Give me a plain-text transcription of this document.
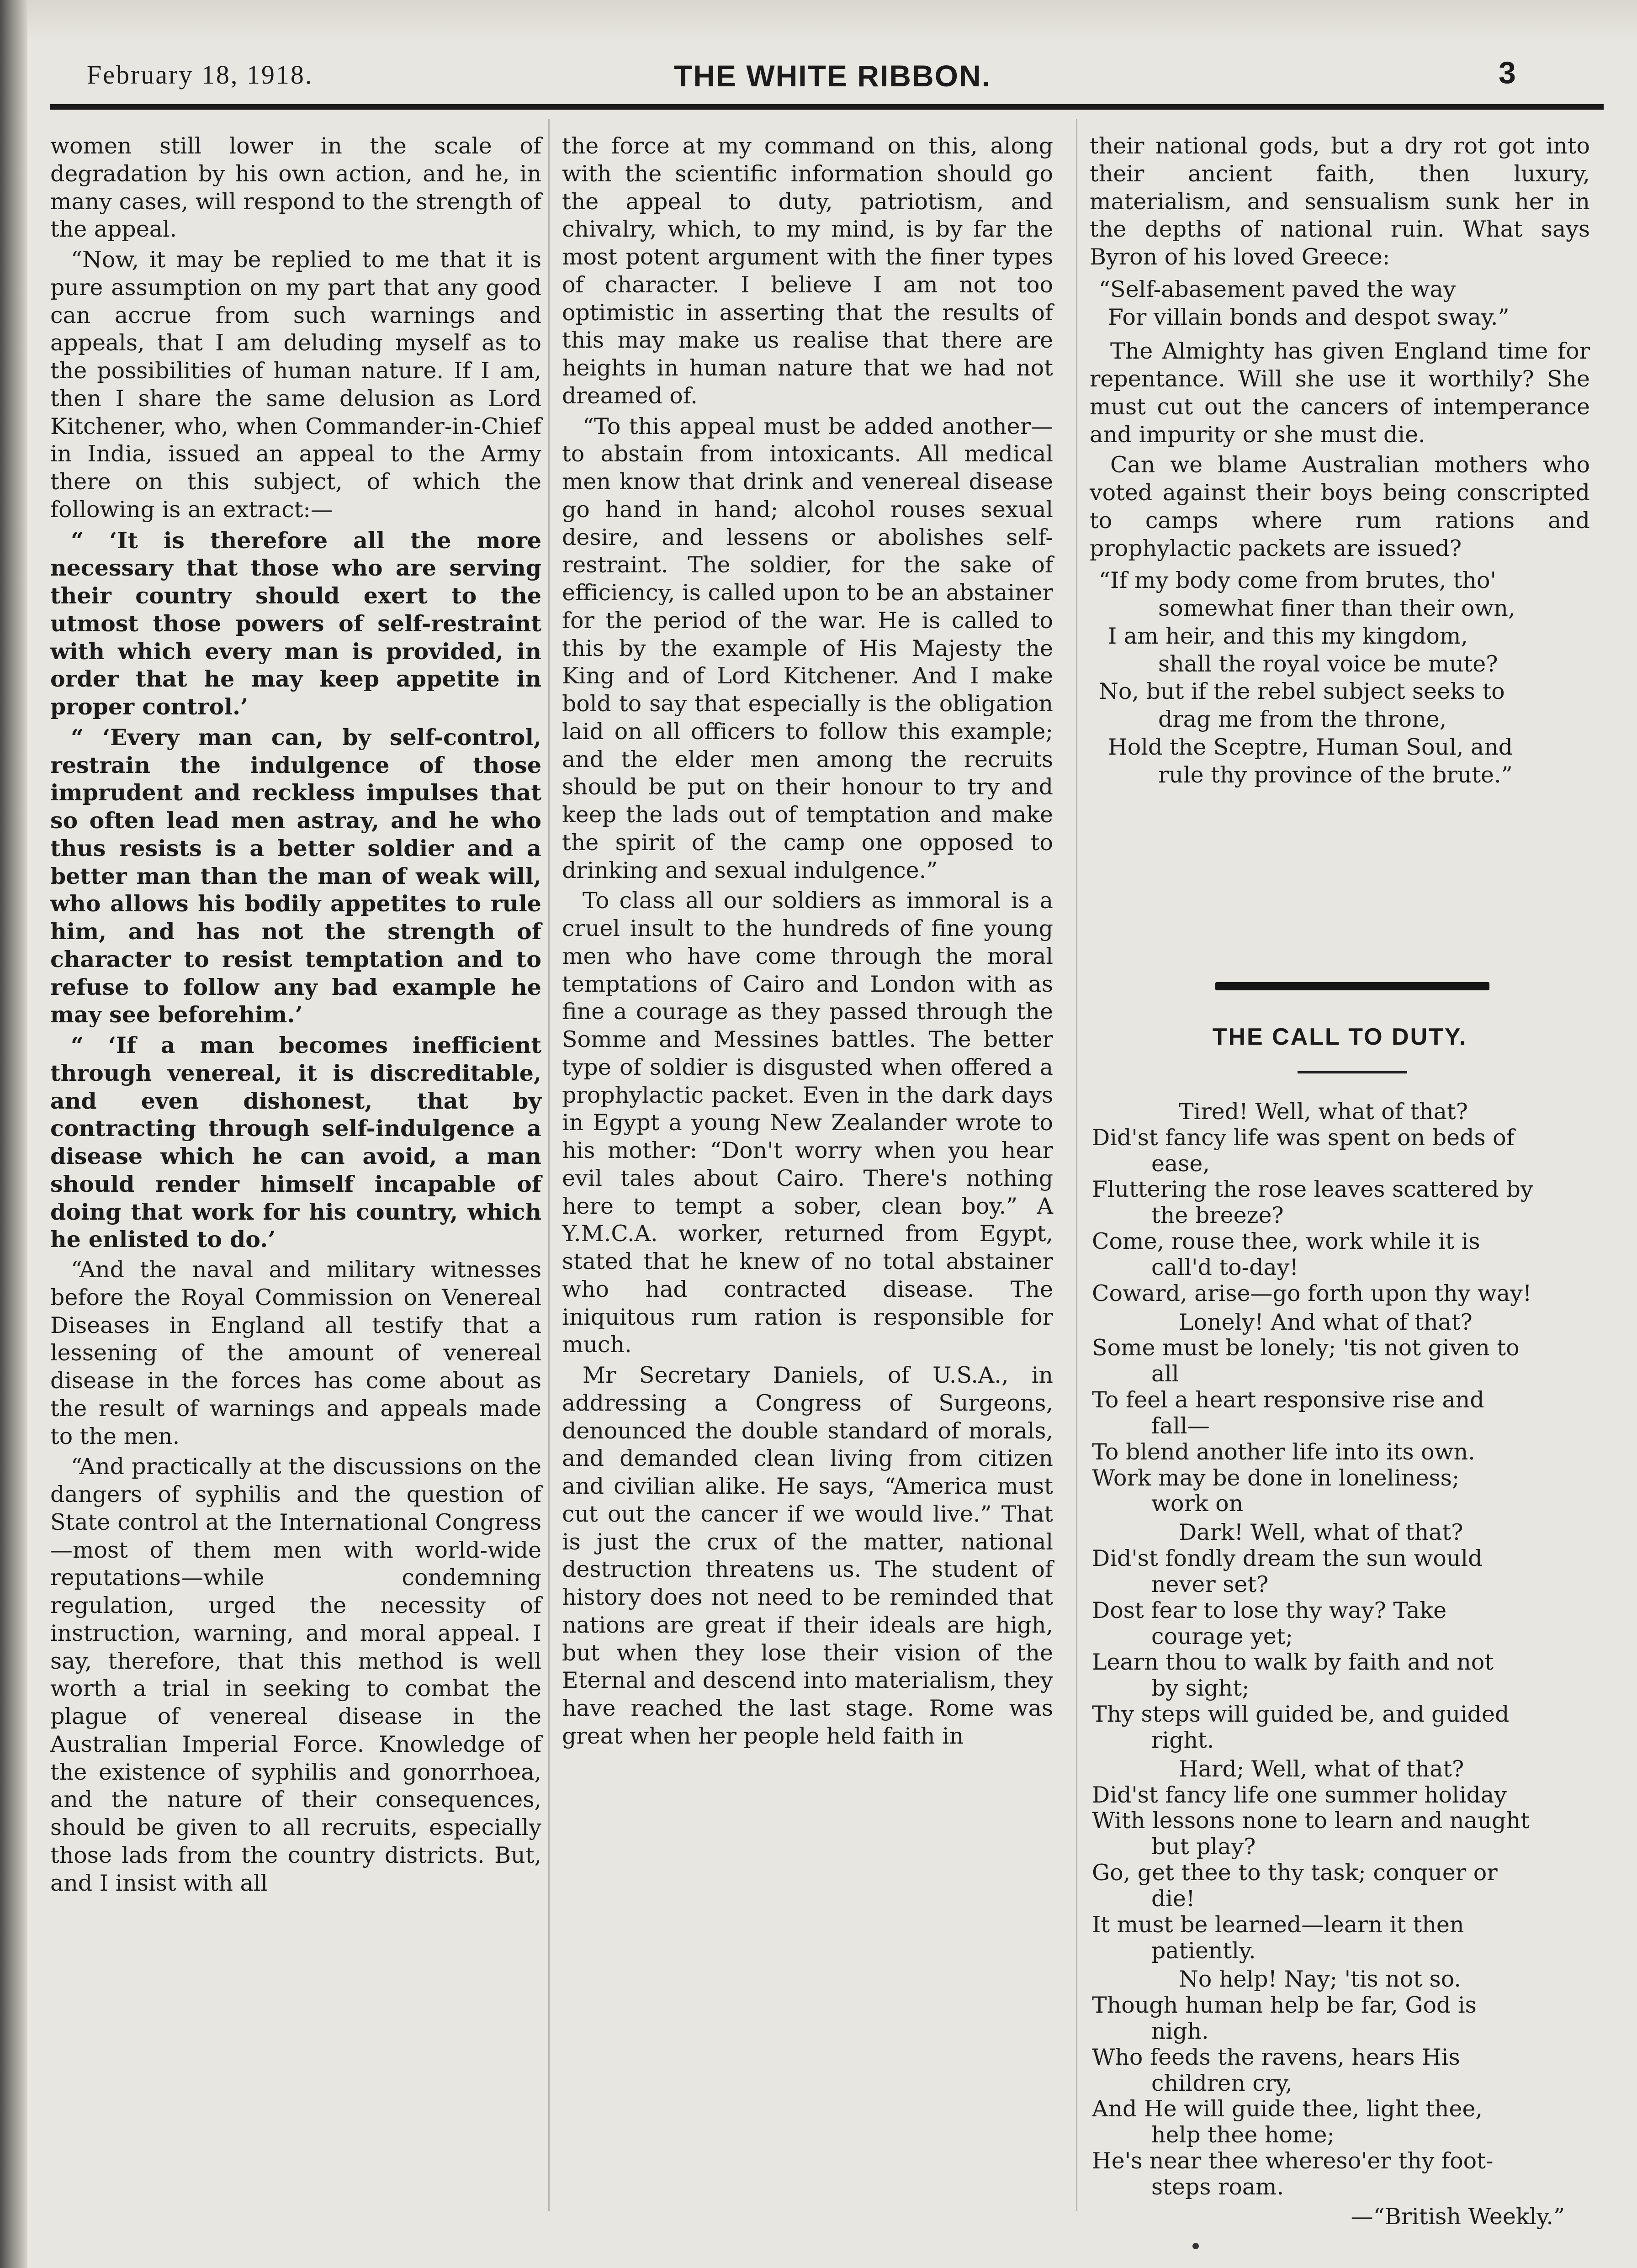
February 18, 1918.	THE WHITE RIBBON.	3

women still lower in the scale of degradation by his own action, and he, in many cases, will respond to the strength of the appeal.

“Now, it may be replied to me that it is pure assumption on my part that any good can accrue from such warnings and appeals, that I am deluding myself as to the possibilities of human nature. If I am, then I share the same delusion as Lord Kitchener, who, when Commander-in-Chief in India, issued an appeal to the Army there on this subject, of which the following is an extract:—

“ ‘It is therefore all the more necessary that those who are serving their country should exert to the utmost those powers of self-restraint with which every man is provided, in order that he may keep appetite in proper control.’

“ ‘Every man can, by self-control, restrain the indulgence of those imprudent and reckless impulses that so often lead men astray, and he who thus resists is a better soldier and a better man than the man of weak will, who allows his bodily appetites to rule him, and has not the strength of character to resist temptation and to refuse to follow any bad example he may see beforehim.’

“ ‘If a man becomes inefficient through venereal, it is discreditable, and even dishonest, that by contracting through self-indulgence a disease which he can avoid, a man should render himself incapable of doing that work for his country, which he enlisted to do.’

“And the naval and military witnesses before the Royal Commission on Venereal Diseases in England all testify that a lessening of the amount of venereal disease in the forces has come about as the result of warnings and appeals made to the men.

“And practically at the discussions on the dangers of syphilis and the question of State control at the International Congress—most of them men with world-wide reputations—while condemning regulation, urged the necessity of instruction, warning, and moral appeal. I say, therefore, that this method is well worth a trial in seeking to combat the plague of venereal disease in the Australian Imperial Force. Knowledge of the existence of syphilis and gonorrhoea, and the nature of their consequences, should be given to all recruits, especially those lads from the country districts. But, and I insist with all

the force at my command on this, along with the scientific information should go the appeal to duty, patriotism, and chivalry, which, to my mind, is by far the most potent argument with the finer types of character. I believe I am not too optimistic in asserting that the results of this may make us realise that there are heights in human nature that we had not dreamed of.

“To this appeal must be added another—to abstain from intoxicants. All medical men know that drink and venereal disease go hand in hand; alcohol rouses sexual desire, and lessens or abolishes self-restraint. The soldier, for the sake of efficiency, is called upon to be an abstainer for the period of the war. He is called to this by the example of His Majesty the King and of Lord Kitchener. And I make bold to say that especially is the obligation laid on all officers to follow this example; and the elder men among the recruits should be put on their honour to try and keep the lads out of temptation and make the spirit of the camp one opposed to drinking and sexual indulgence.”

To class all our soldiers as immoral is a cruel insult to the hundreds of fine young men who have come through the moral temptations of Cairo and London with as fine a courage as they passed through the Somme and Messines battles. The better type of soldier is disgusted when offered a prophylactic packet. Even in the dark days in Egypt a young New Zealander wrote to his mother: “Don't worry when you hear evil tales about Cairo. There's nothing here to tempt a sober, clean boy.” A Y.M.C.A. worker, returned from Egypt, stated that he knew of no total abstainer who had contracted disease. The iniquitous rum ration is responsible for much.

Mr Secretary Daniels, of U.S.A., in addressing a Congress of Surgeons, denounced the double standard of morals, and demanded clean living from citizen and civilian alike. He says, “America must cut out the cancer if we would live.” That is just the crux of the matter, national destruction threatens us. The student of history does not need to be reminded that nations are great if their ideals are high, but when they lose their vision of the Eternal and descend into materialism, they have reached the last stage. Rome was great when her people held faith in

their national gods, but a dry rot got into their ancient faith, then luxury, materialism, and sensualism sunk her in the depths of national ruin. What says Byron of his loved Greece:

“Self-abasement paved the way
For villain bonds and despot sway.”

The Almighty has given England time for repentance. Will she use it worthily? She must cut out the cancers of intemperance and impurity or she must die.

Can we blame Australian mothers who voted against their boys being conscripted to camps where rum rations and prophylactic packets are issued?

“If my body come from brutes, tho'
somewhat finer than their own,
I am heir, and this my kingdom,
shall the royal voice be mute?
No, but if the rebel subject seeks to
drag me from the throne,
Hold the Sceptre, Human Soul, and
rule thy province of the brute.”
THE CALL TO DUTY.
Tired! Well, what of that?
Did'st fancy life was spent on beds of
ease,
Fluttering the rose leaves scattered by
the breeze?
Come, rouse thee, work while it is
call'd to-day!
Coward, arise—go forth upon thy way!
Lonely! And what of that?
Some must be lonely; 'tis not given to
all
To feel a heart responsive rise and
fall—
To blend another life into its own.
Work may be done in loneliness;
work on
Dark! Well, what of that?
Did'st fondly dream the sun would
never set?
Dost fear to lose thy way? Take
courage yet;
Learn thou to walk by faith and not
by sight;
Thy steps will guided be, and guided
right.
Hard; Well, what of that?
Did'st fancy life one summer holiday
With lessons none to learn and naught
but play?
Go, get thee to thy task; conquer or
die!
It must be learned—learn it then
patiently.
No help! Nay; 'tis not so.
Though human help be far, God is
nigh.
Who feeds the ravens, hears His
children cry,
And He will guide thee, light thee,
help thee home;
He's near thee whereso'er thy foot-
steps roam.
—“British Weekly.”
